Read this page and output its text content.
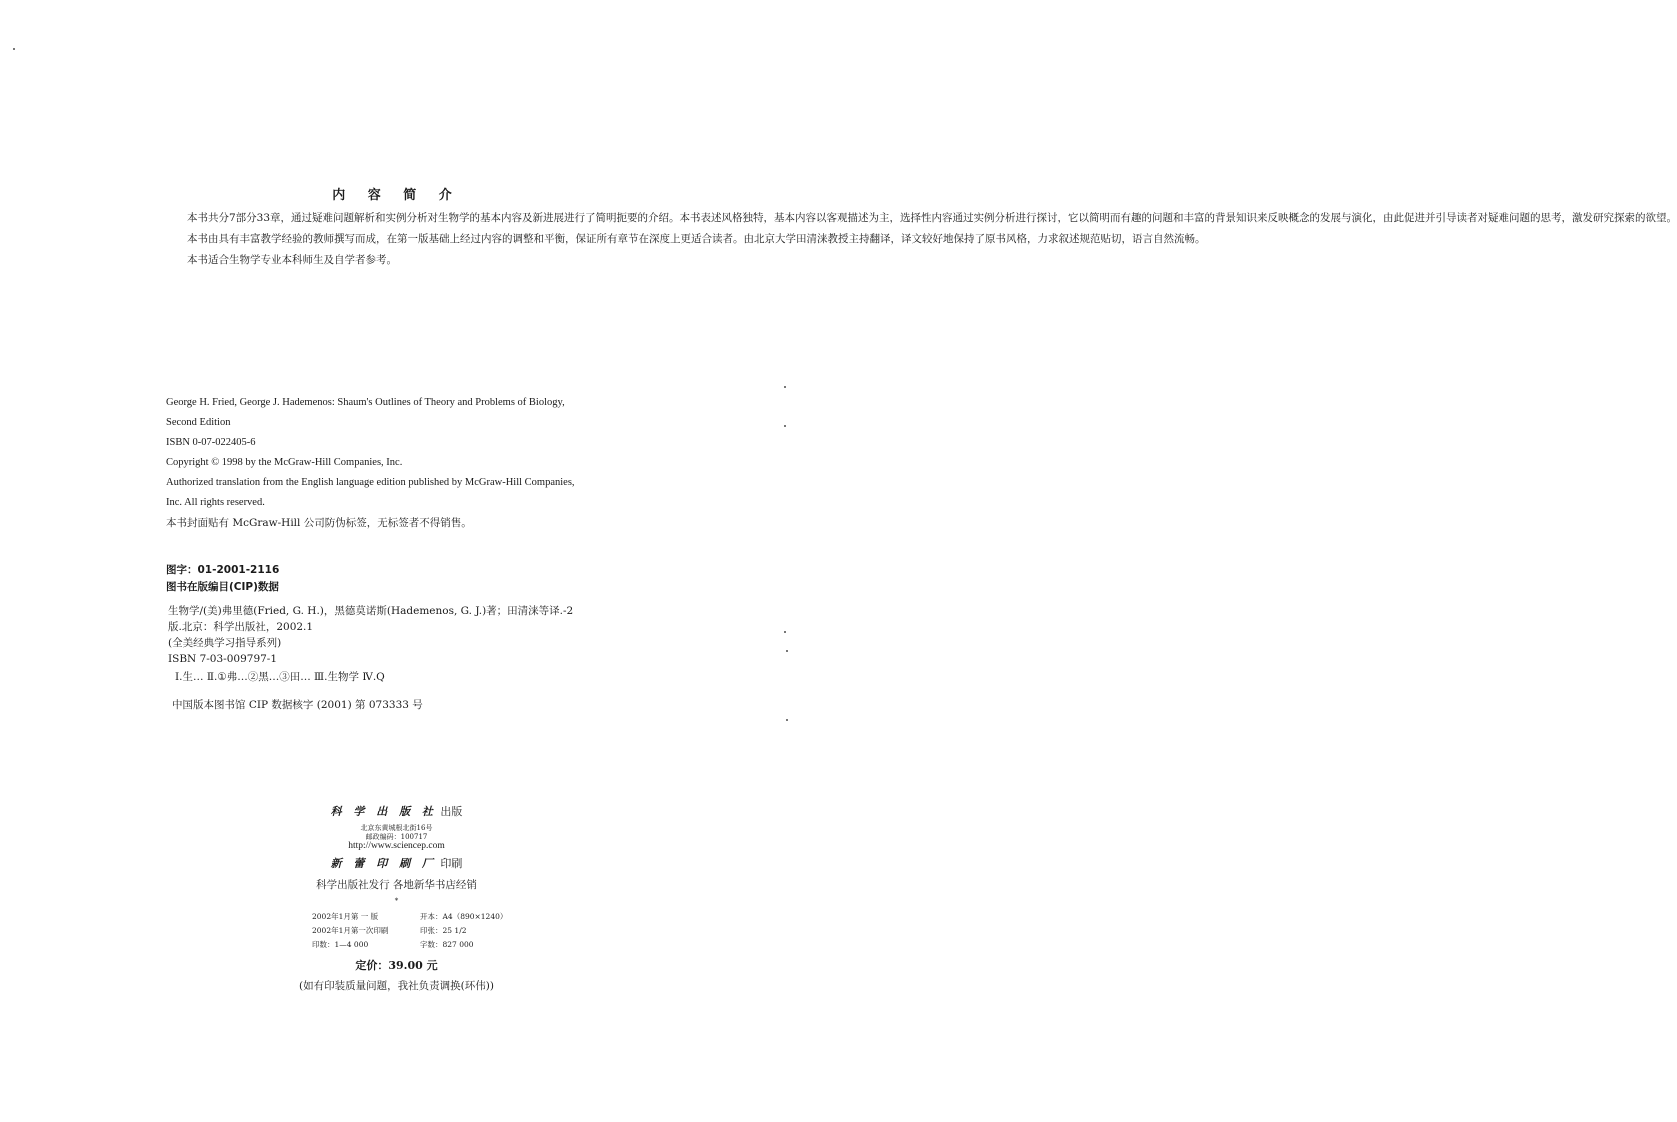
内 容 简 介

本书共分7部分33章，通过疑难问题解析和实例分析对生物学的基本内容及新进展进行了简明扼要的介绍。本书表述风格独特，基本内容以客观描述为主，选择性内容通过实例分析进行探讨，它以简明而有趣的问题和丰富的背景知识来反映概念的发展与演化，由此促进并引导读者对疑难问题的思考，激发研究探索的欲望。

本书由具有丰富教学经验的教师撰写而成，在第一版基础上经过内容的调整和平衡，保证所有章节在深度上更适合读者。由北京大学田清涞教授主持翻译，译文较好地保持了原书风格，力求叙述规范贴切，语言自然流畅。

本书适合生物学专业本科师生及自学者参考。

George H. Fried, George J. Hademenos: Shaum's Outlines of Theory and Problems of Biology,
Second Edition
ISBN 0-07-022405-6
Copyright © 1998 by the McGraw-Hill Companies, Inc.
Authorized translation from the English language edition published by McGraw-Hill Companies,
Inc. All rights reserved.
本书封面贴有 McGraw-Hill 公司防伪标签，无标签者不得销售。
图字：01-2001-2116
图书在版编目(CIP)数据
生物学/(美)弗里德(Fried, G. H.)，黑德莫诺斯(Hademenos, G. J.)著；田清涞等译.-2
版.北京：科学出版社，2002.1
(全美经典学习指导系列)
ISBN 7-03-009797-1
Ⅰ.生… Ⅱ.①弗…②黑…③田… Ⅲ.生物学 Ⅳ.Q
中国版本图书馆 CIP 数据核字 (2001) 第 073333 号
科 学 出 版 社 出版
北京东黄城根北街16号
邮政编码：100717
http://www.sciencep.com
新 蕾 印 刷 厂 印刷
科学出版社发行 各地新华书店经销
*
2002年1月第 一 版	开本：A4（890×1240）
2002年1月第一次印刷	印张：25 1/2
印数：1—4 000	字数：827 000
定价：39.00 元
(如有印装质量问题，我社负责调换(环伟))
